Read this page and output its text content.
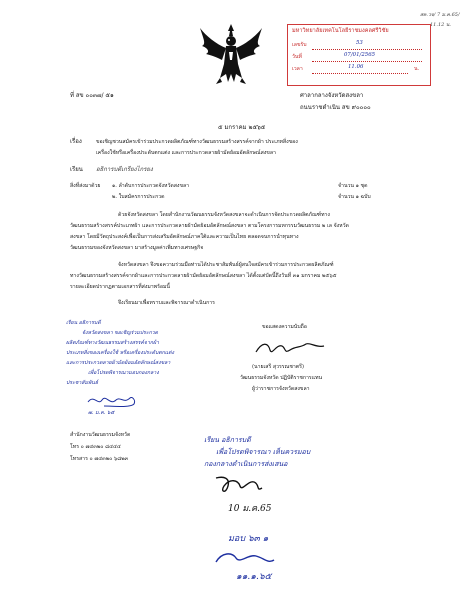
สค.วจ/ 7 ม.ค.65/
11.12 น.
มหาวิทยาลัยเทคโนโลยีราชมงคลศรีวิชัย
เลขรับ	53
วันที่	07/01/2565
เวลา	11.06	น.
ที่ สข ๐๐๓๗/ ๕๑	ศาลากลางจังหวัดสงขลา
ถนนราชดำเนิน สข ๙๐๐๐๐
๕ มกราคม ๒๕๖๕
เรื่อง	ขอเชิญชวนสมัครเข้าร่วมประกวดผลิตภัณฑ์ทางวัฒนธรรมสร้างสรรค์จากผ้า ประเภทสิ่งของ
เครื่องใช้หรือเครื่องประดับตกแต่ง และการประกวดลายผ้ามัดย้อมอัตลักษณ์สงขลา
เรียน อธิการบดีเกรียงไกรยง
สิ่งที่ส่งมาด้วย ๑. ลำดับการประกวดจังหวัดสงขลา	จำนวน ๑ ชุด
๒. ใบสมัครการประกวด	จำนวน ๑ ฉบับ
ด้วยจังหวัดสงขลา โดยสำนักงานวัฒนธรรมจังหวัดสงขลาจะดำเนินการจัดประกวดผลิตภัณฑ์ทาง
วัฒนธรรมสร้างสรรค์ประเภทผ้า และการประกวดลายผ้ามัดย้อมอัตลักษณ์สงขลา ตามโครงการมหกรรมวัฒนธรรม ๒ เล จังหวัด
สงขลา โดยมีวัตถุประสงค์เพื่อเป็นการส่งเสริมอัตลักษณ์ภาคใต้และความเป็นไทย ตลอดจนการนำทุนทาง
วัฒนธรรมของจังหวัดสงขลา มาสร้างมูลค่าเพิ่มทางเศรษฐกิจ
จังหวัดสงขลา จึงขอความร่วมมือท่านได้ประชาสัมพันธ์ผู้สนใจสมัครเข้าร่วมการประกวดผลิตภัณฑ์
ทางวัฒนธรรมสร้างสรรค์จากผ้าและการประกวดลายผ้ามัดย้อมอัตลักษณ์สงขลา ได้ตั้งแต่บัดนี้ถึงวันที่ ๓๑ มกราคม ๒๕๖๕
รายละเอียดปรากฏตามเอกสารที่ส่งมาพร้อมนี้
จึงเรียนมาเพื่อทราบและพิจารณาดำเนินการ
ขอแสดงความนับถือ
(นายเสรี สุวรรณชาตรี)
วัฒนธรรมจังหวัด ปฏิบัติราชการแทน
ผู้ว่าราชการจังหวัดสงขลา
เรียน อธิการบดี
จังหวัดสงขลา ขอเชิญร่วมประกวด
ผลิตภัณฑ์ทางวัฒนธรรมสร้างสรรค์จากผ้า
ประเภทสิ่งของเครื่องใช้ หรือเครื่องประดับตกแต่ง
และการประกวดลายผ้ามัดย้อมอัตลักษณ์สงขลา
เพื่อโปรดพิจารณามอบกองกลาง
ประชาสัมพันธ์
๗. ม.ค. ๖๕
สำนักงานวัฒนธรรมจังหวัด
โทร ๐ ๗๔๓๒๐ ๘๔๔๔
โทรสาร ๐ ๗๔๓๒๐ ๖๘๒๓
เรียน อธิการบดี
เพื่อโปรดพิจารณา เห็นควรมอบ
กองกลางดำเนินการส่งเสนอ
10 ม.ค.65
มอบ ๖๓ ๑
๑๑.๑.๖๕
